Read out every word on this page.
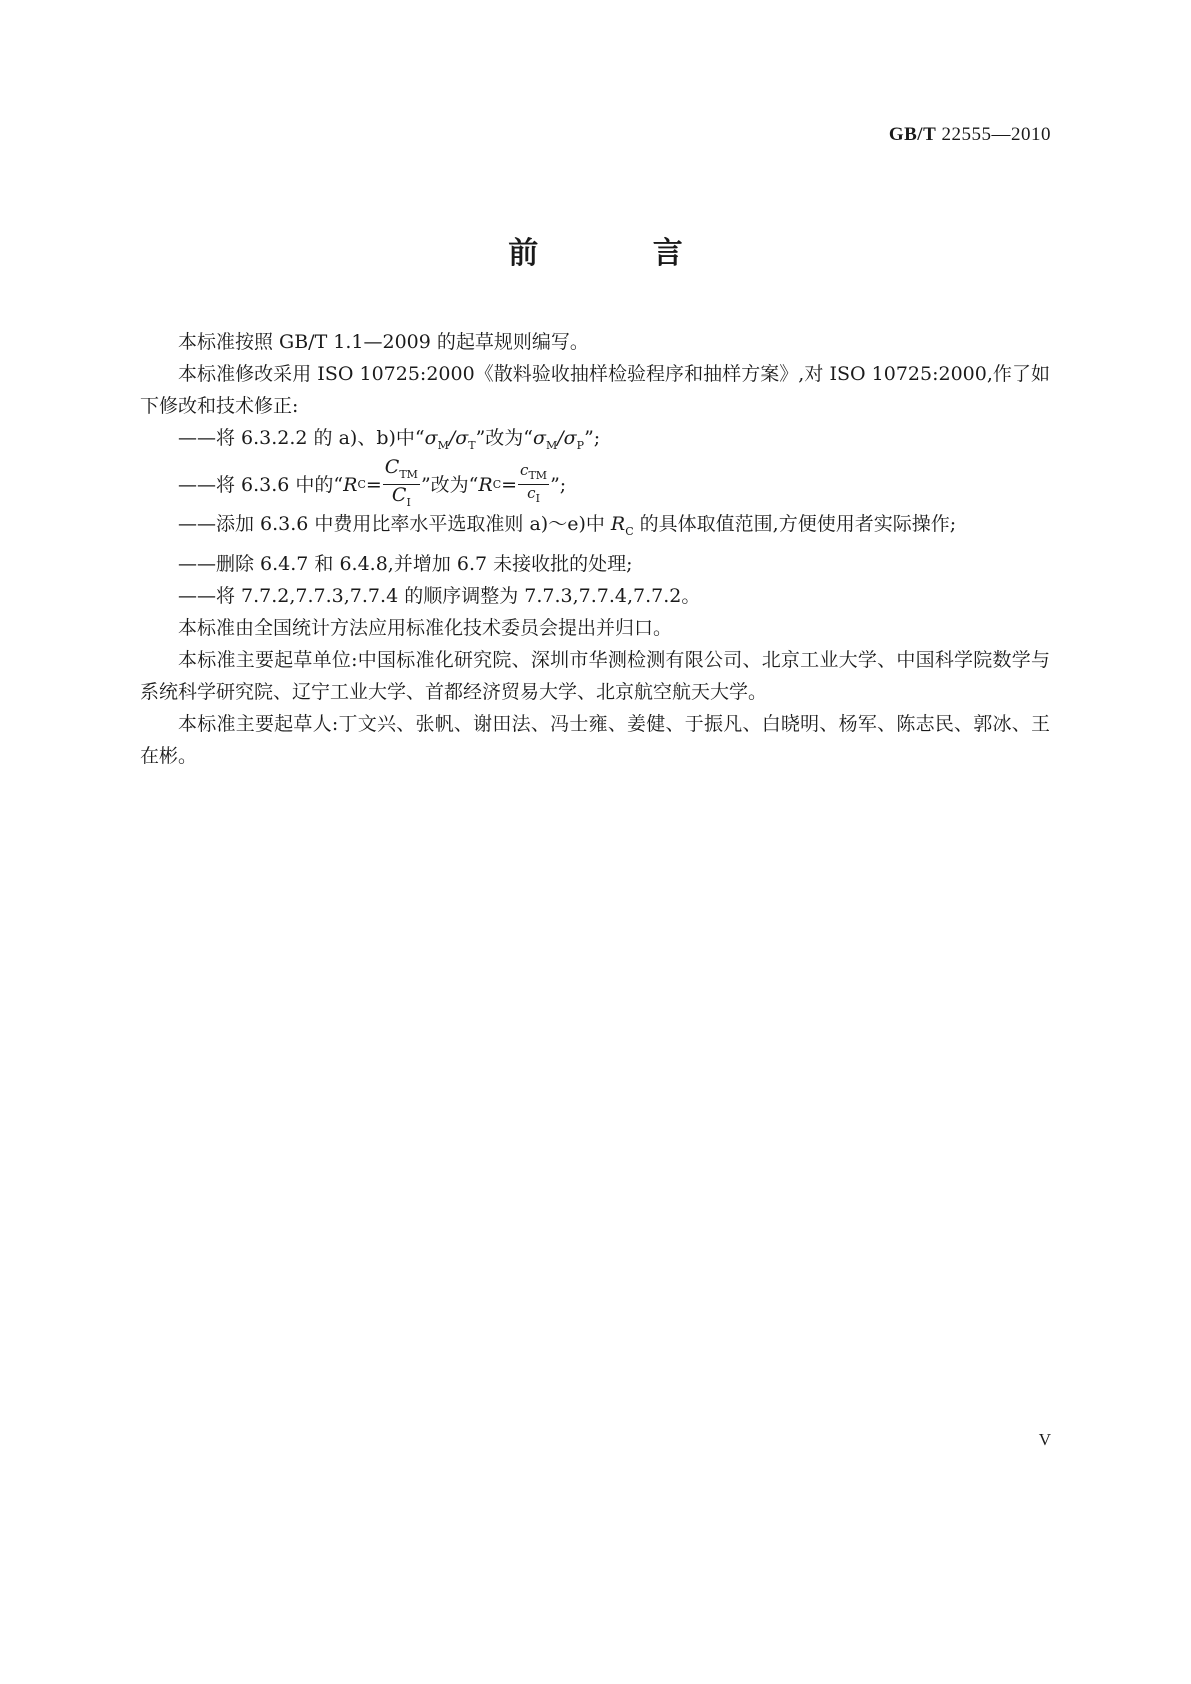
GB/T 22555—2010
前 言

本标准按照 GB/T 1.1—2009 的起草规则编写。

本标准修改采用 ISO 10725:2000《散料验收抽样检验程序和抽样方案》,对 ISO 10725:2000,作了如下修改和技术修正:

——将 6.3.2.2 的 a)、b)中“$\sigma_M/\sigma_T$”改为“$\sigma_M/\sigma_P$”;

——将 6.3.6 中的“ R $C = \frac{C_{TM}}{C_I}$ ”改为“ R $C = \frac{c_{TM}}{c_I}$ ”;

——添加 6.3.6 中费用比率水平选取准则 a)～e)中 $R_C$ 的具体取值范围,方便使用者实际操作;

——删除 6.4.7 和 6.4.8,并增加 6.7 未接收批的处理;

——将 7.7.2,7.7.3,7.7.4 的顺序调整为 7.7.3,7.7.4,7.7.2。

本标准由全国统计方法应用标准化技术委员会提出并归口。

本标准主要起草单位:中国标准化研究院、深圳市华测检测有限公司、北京工业大学、中国科学院数学与系统科学研究院、辽宁工业大学、首都经济贸易大学、北京航空航天大学。

本标准主要起草人:丁文兴、张帆、谢田法、冯士雍、姜健、于振凡、白晓明、杨军、陈志民、郭冰、王在彬。

V
